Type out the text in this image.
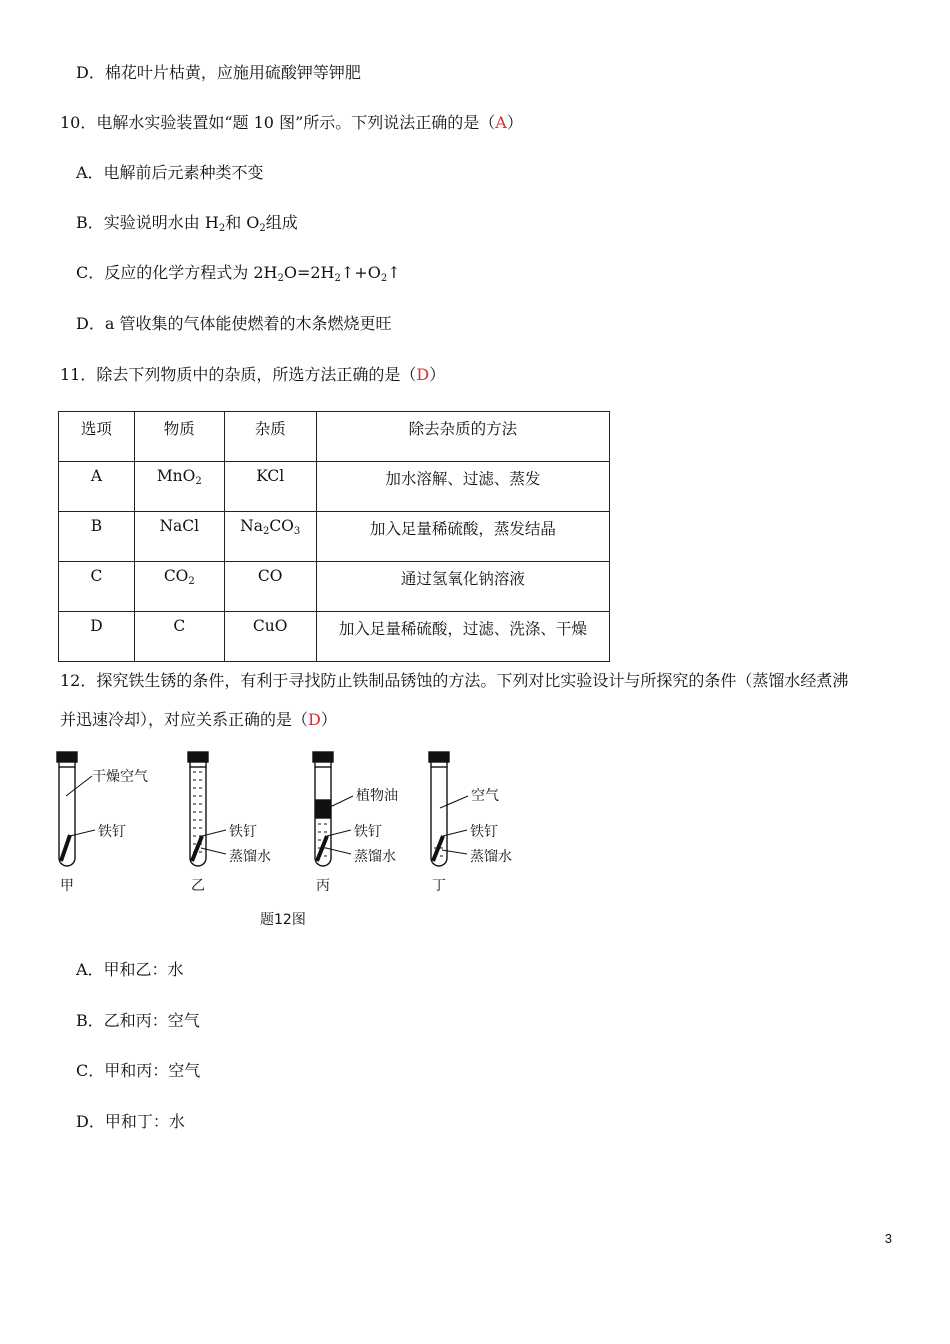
D．棉花叶片枯黄，应施用硫酸钾等钾肥
10．电解水实验装置如“题 10 图”所示。下列说法正确的是（A）
A．电解前后元素种类不变
B．实验说明水由 $H_2$和 $O_2$组成
C．反应的化学方程式为 $2H_2O=2H_2↑+O_2↑$
D．a 管收集的气体能使燃着的木条燃烧更旺
11．除去下列物质中的杂质，所选方法正确的是（D）
选项	物质	杂质	除去杂质的方法
A	MnO$_2$	KCl	加水溶解、过滤、蒸发
B	NaCl	$Na_2CO_3$	加入足量稀硫酸，蒸发结晶
C	$CO_2$	CO	通过氢氧化钠溶液
D	C	CuO	加入足量稀硫酸，过滤、洗涤、干燥
12．探究铁生锈的条件，有利于寻找防止铁制品锈蚀的方法。下列对比实验设计与所探究的条件（蒸馏水经煮沸
并迅速冷却），对应关系正确的是（D）
干燥空气
铁钉	铁钉
蒸馏水
植物油
铁钉
蒸馏水
空气
铁钉
蒸馏水
甲	乙	丙	丁
题12图
A．甲和乙：水
B．乙和丙：空气
C．甲和丙：空气
D．甲和丁：水
3
